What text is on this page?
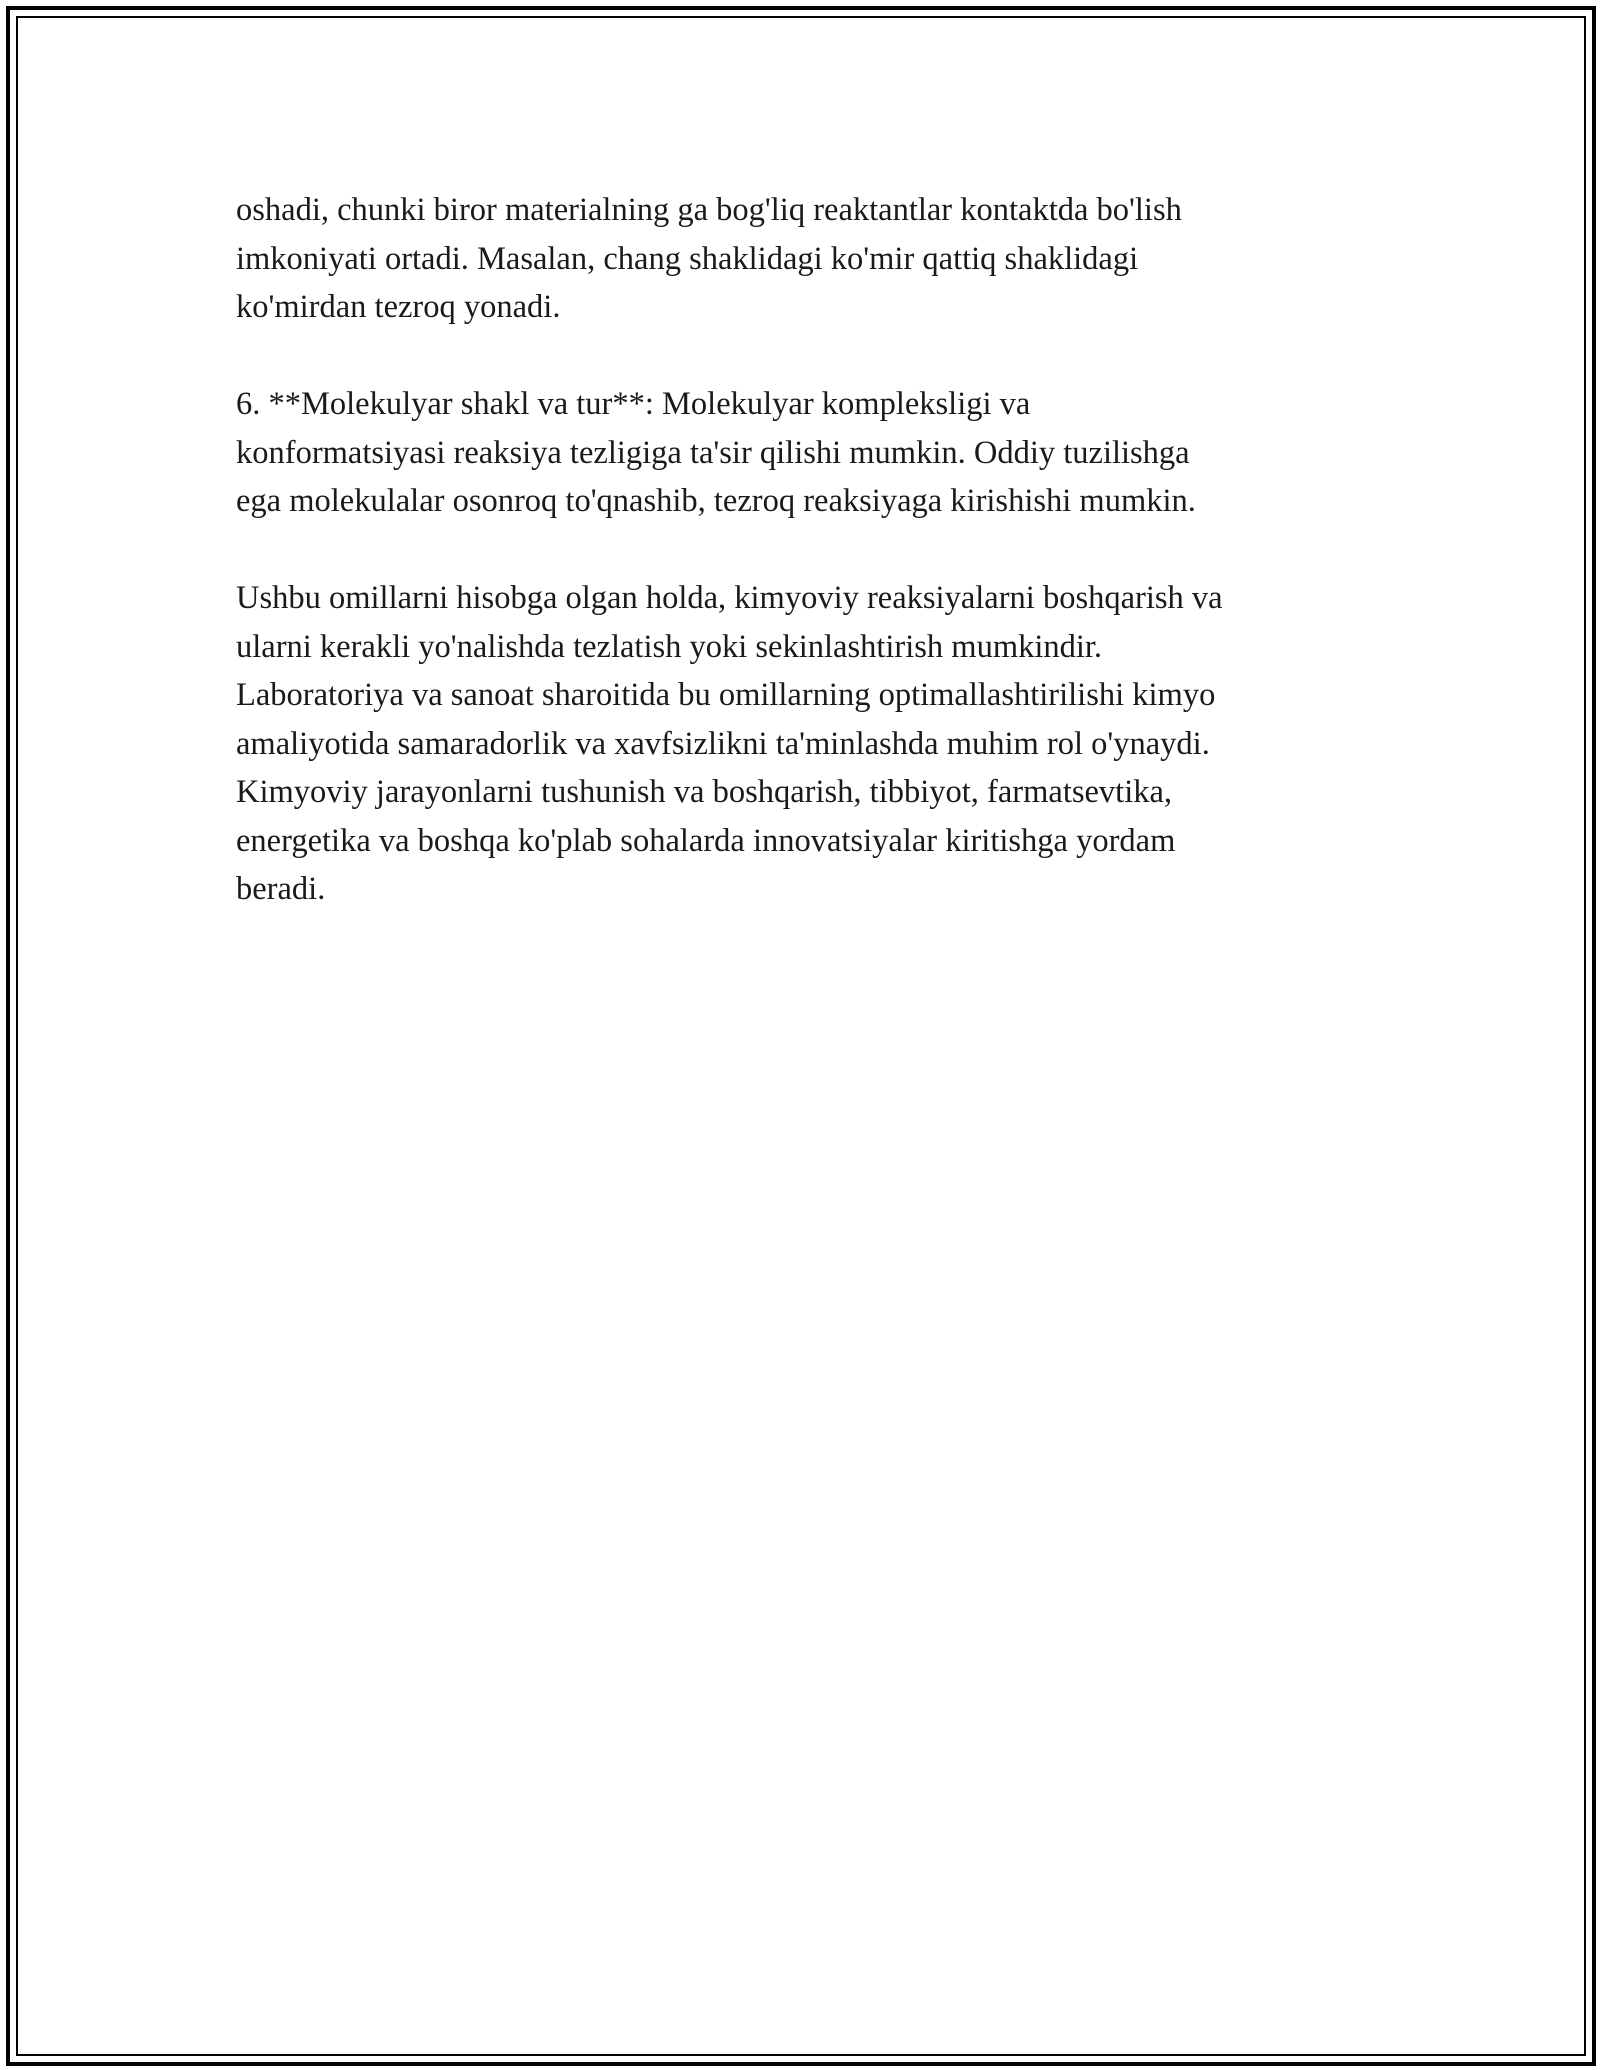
oshadi, chunki biror materialning ga bog'liq reaktantlar kontaktda bo'lish
imkoniyati ortadi. Masalan, chang shaklidagi ko'mir qattiq shaklidagi
ko'mirdan tezroq yonadi.

6. **Molekulyar shakl va tur**: Molekulyar kompleksligi va
konformatsiyasi reaksiya tezligiga ta'sir qilishi mumkin. Oddiy tuzilishga
ega molekulalar osonroq to'qnashib, tezroq reaksiyaga kirishishi mumkin.

Ushbu omillarni hisobga olgan holda, kimyoviy reaksiyalarni boshqarish va
ularni kerakli yo'nalishda tezlatish yoki sekinlashtirish mumkindir.
Laboratoriya va sanoat sharoitida bu omillarning optimallashtirilishi kimyo
amaliyotida samaradorlik va xavfsizlikni ta'minlashda muhim rol o'ynaydi.
Kimyoviy jarayonlarni tushunish va boshqarish, tibbiyot, farmatsevtika,
energetika va boshqa ko'plab sohalarda innovatsiyalar kiritishga yordam
beradi.
